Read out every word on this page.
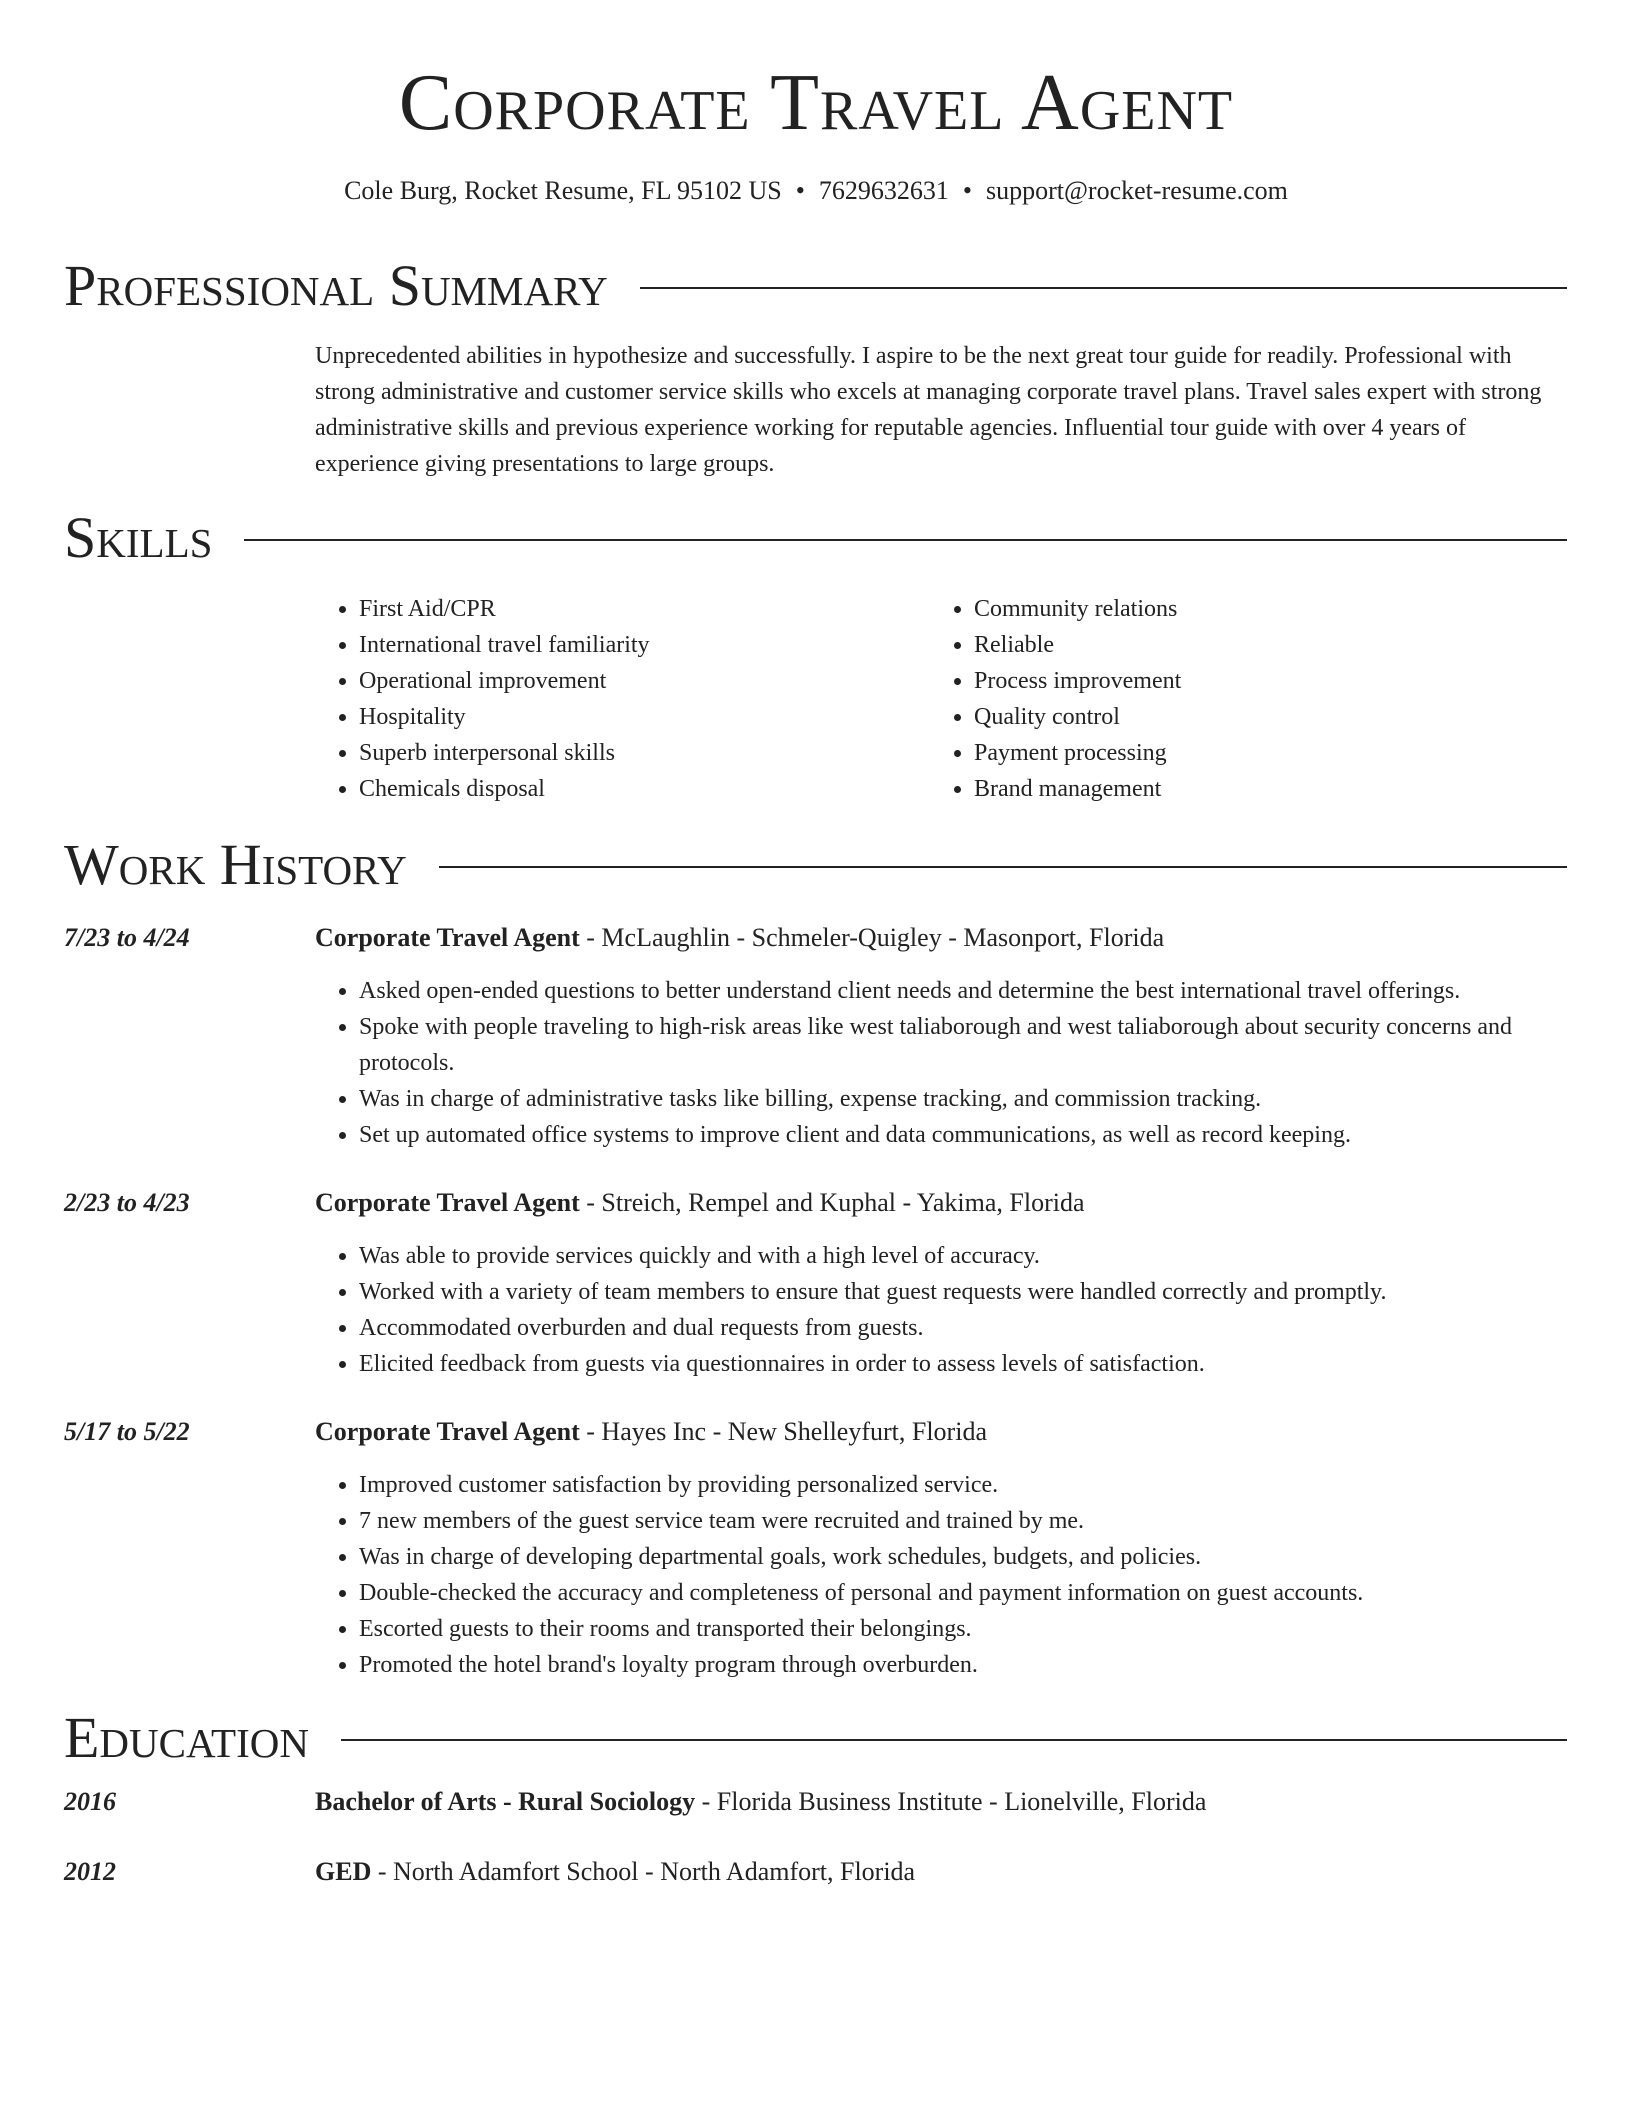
Corporate Travel Agent
Cole Burg, Rocket Resume, FL 95102 US • 7629632631 • support@rocket-resume.com
Professional Summary

Unprecedented abilities in hypothesize and successfully. I aspire to be the next great tour guide for readily. Professional with strong administrative and customer service skills who excels at managing corporate travel plans. Travel sales expert with strong administrative skills and previous experience working for reputable agencies. Influential tour guide with over 4 years of experience giving presentations to large groups.

Skills
• First Aid/CPR
• International travel familiarity
• Operational improvement
• Hospitality
• Superb interpersonal skills
• Chemicals disposal
• Community relations
• Reliable
• Process improvement
• Quality control
• Payment processing
• Brand management
Work History
7/23 to 4/24	Corporate Travel Agent - McLaughlin - Schmeler-Quigley - Masonport, Florida
• Asked open-ended questions to better understand client needs and determine the best international travel offerings.
• Spoke with people traveling to high-risk areas like west taliaborough and west taliaborough about security concerns and protocols.
• Was in charge of administrative tasks like billing, expense tracking, and commission tracking.
• Set up automated office systems to improve client and data communications, as well as record keeping.
2/23 to 4/23	Corporate Travel Agent - Streich, Rempel and Kuphal - Yakima, Florida
• Was able to provide services quickly and with a high level of accuracy.
• Worked with a variety of team members to ensure that guest requests were handled correctly and promptly.
• Accommodated overburden and dual requests from guests.
• Elicited feedback from guests via questionnaires in order to assess levels of satisfaction.
5/17 to 5/22	Corporate Travel Agent - Hayes Inc - New Shelleyfurt, Florida
• Improved customer satisfaction by providing personalized service.
• 7 new members of the guest service team were recruited and trained by me.
• Was in charge of developing departmental goals, work schedules, budgets, and policies.
• Double-checked the accuracy and completeness of personal and payment information on guest accounts.
• Escorted guests to their rooms and transported their belongings.
• Promoted the hotel brand's loyalty program through overburden.
Education
2016	Bachelor of Arts - Rural Sociology - Florida Business Institute - Lionelville, Florida
2012	GED - North Adamfort School - North Adamfort, Florida
